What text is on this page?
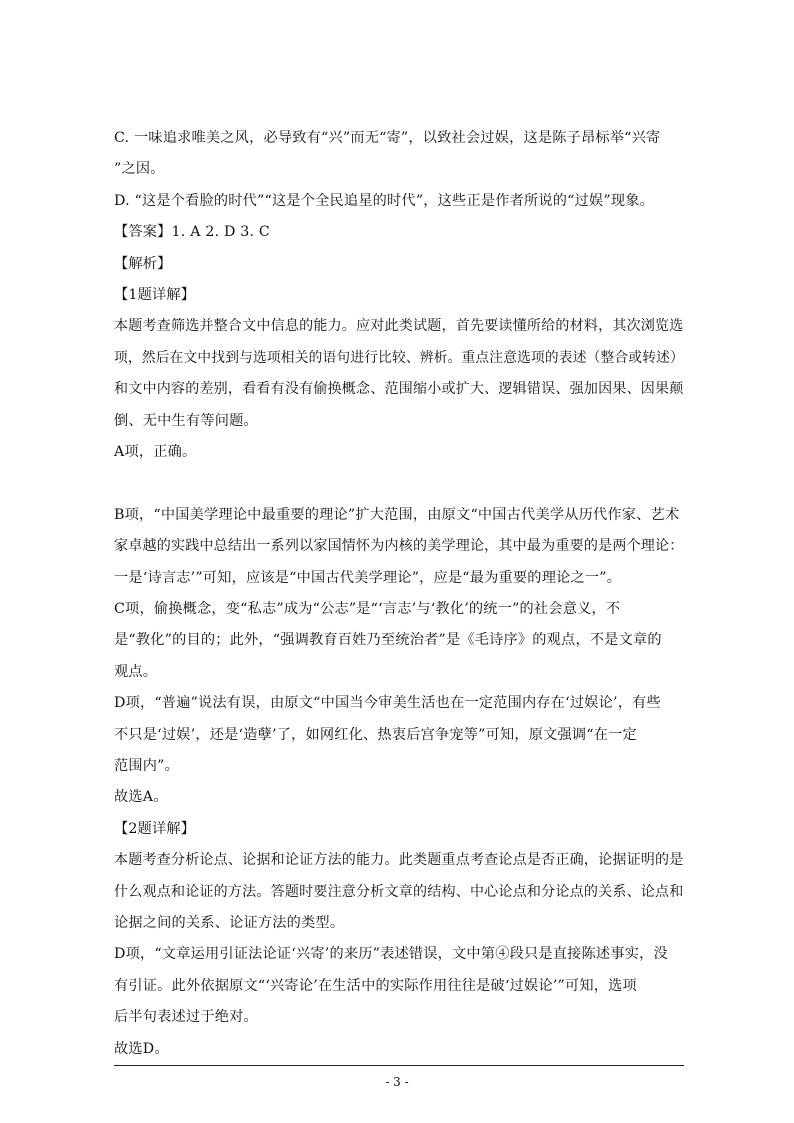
C. 一味追求唯美之风，必导致有“兴”而无“寄”，以致社会过娱，这是陈子昂标举“兴寄
”之因。
D. “这是个看脸的时代”“这是个全民追星的时代”，这些正是作者所说的“过娱”现象。
【答案】1. A 2. D 3. C
【解析】
【1题详解】
本题考查筛选并整合文中信息的能力。应对此类试题，首先要读懂所给的材料，其次浏览选
项，然后在文中找到与选项相关的语句进行比较、辨析。重点注意选项的表述（整合或转述）
和文中内容的差别，看看有没有偷换概念、范围缩小或扩大、逻辑错误、强加因果、因果颠
倒、无中生有等问题。
A项，正确。
B项，“中国美学理论中最重要的理论”扩大范围，由原文“中国古代美学从历代作家、艺术
家卓越的实践中总结出一系列以家国情怀为内核的美学理论，其中最为重要的是两个理论：
一是‘诗言志’”可知，应该是“中国古代美学理论”，应是“最为重要的理论之一”。
C项，偷换概念，变“私志”成为“公志”是“‘言志’与‘教化’的统一”的社会意义，不
是“教化”的目的；此外，“强调教育百姓乃至统治者”是《毛诗序》的观点，不是文章的
观点。
D项，“普遍”说法有误，由原文“中国当今审美生活也在一定范围内存在‘过娱论’，有些
不只是‘过娱’，还是‘造孽’了，如网红化、热衷后宫争宠等”可知，原文强调“在一定
范围内”。
故选A。
【2题详解】
本题考查分析论点、论据和论证方法的能力。此类题重点考查论点是否正确，论据证明的是
什么观点和论证的方法。答题时要注意分析文章的结构、中心论点和分论点的关系、论点和
论据之间的关系、论证方法的类型。
D项，“文章运用引证法论证‘兴寄’的来历”表述错误，文中第④段只是直接陈述事实，没
有引证。此外依据原文“‘兴寄论’在生活中的实际作用往往是破‘过娱论’”可知，选项
后半句表述过于绝对。
故选D。
- 3 -
